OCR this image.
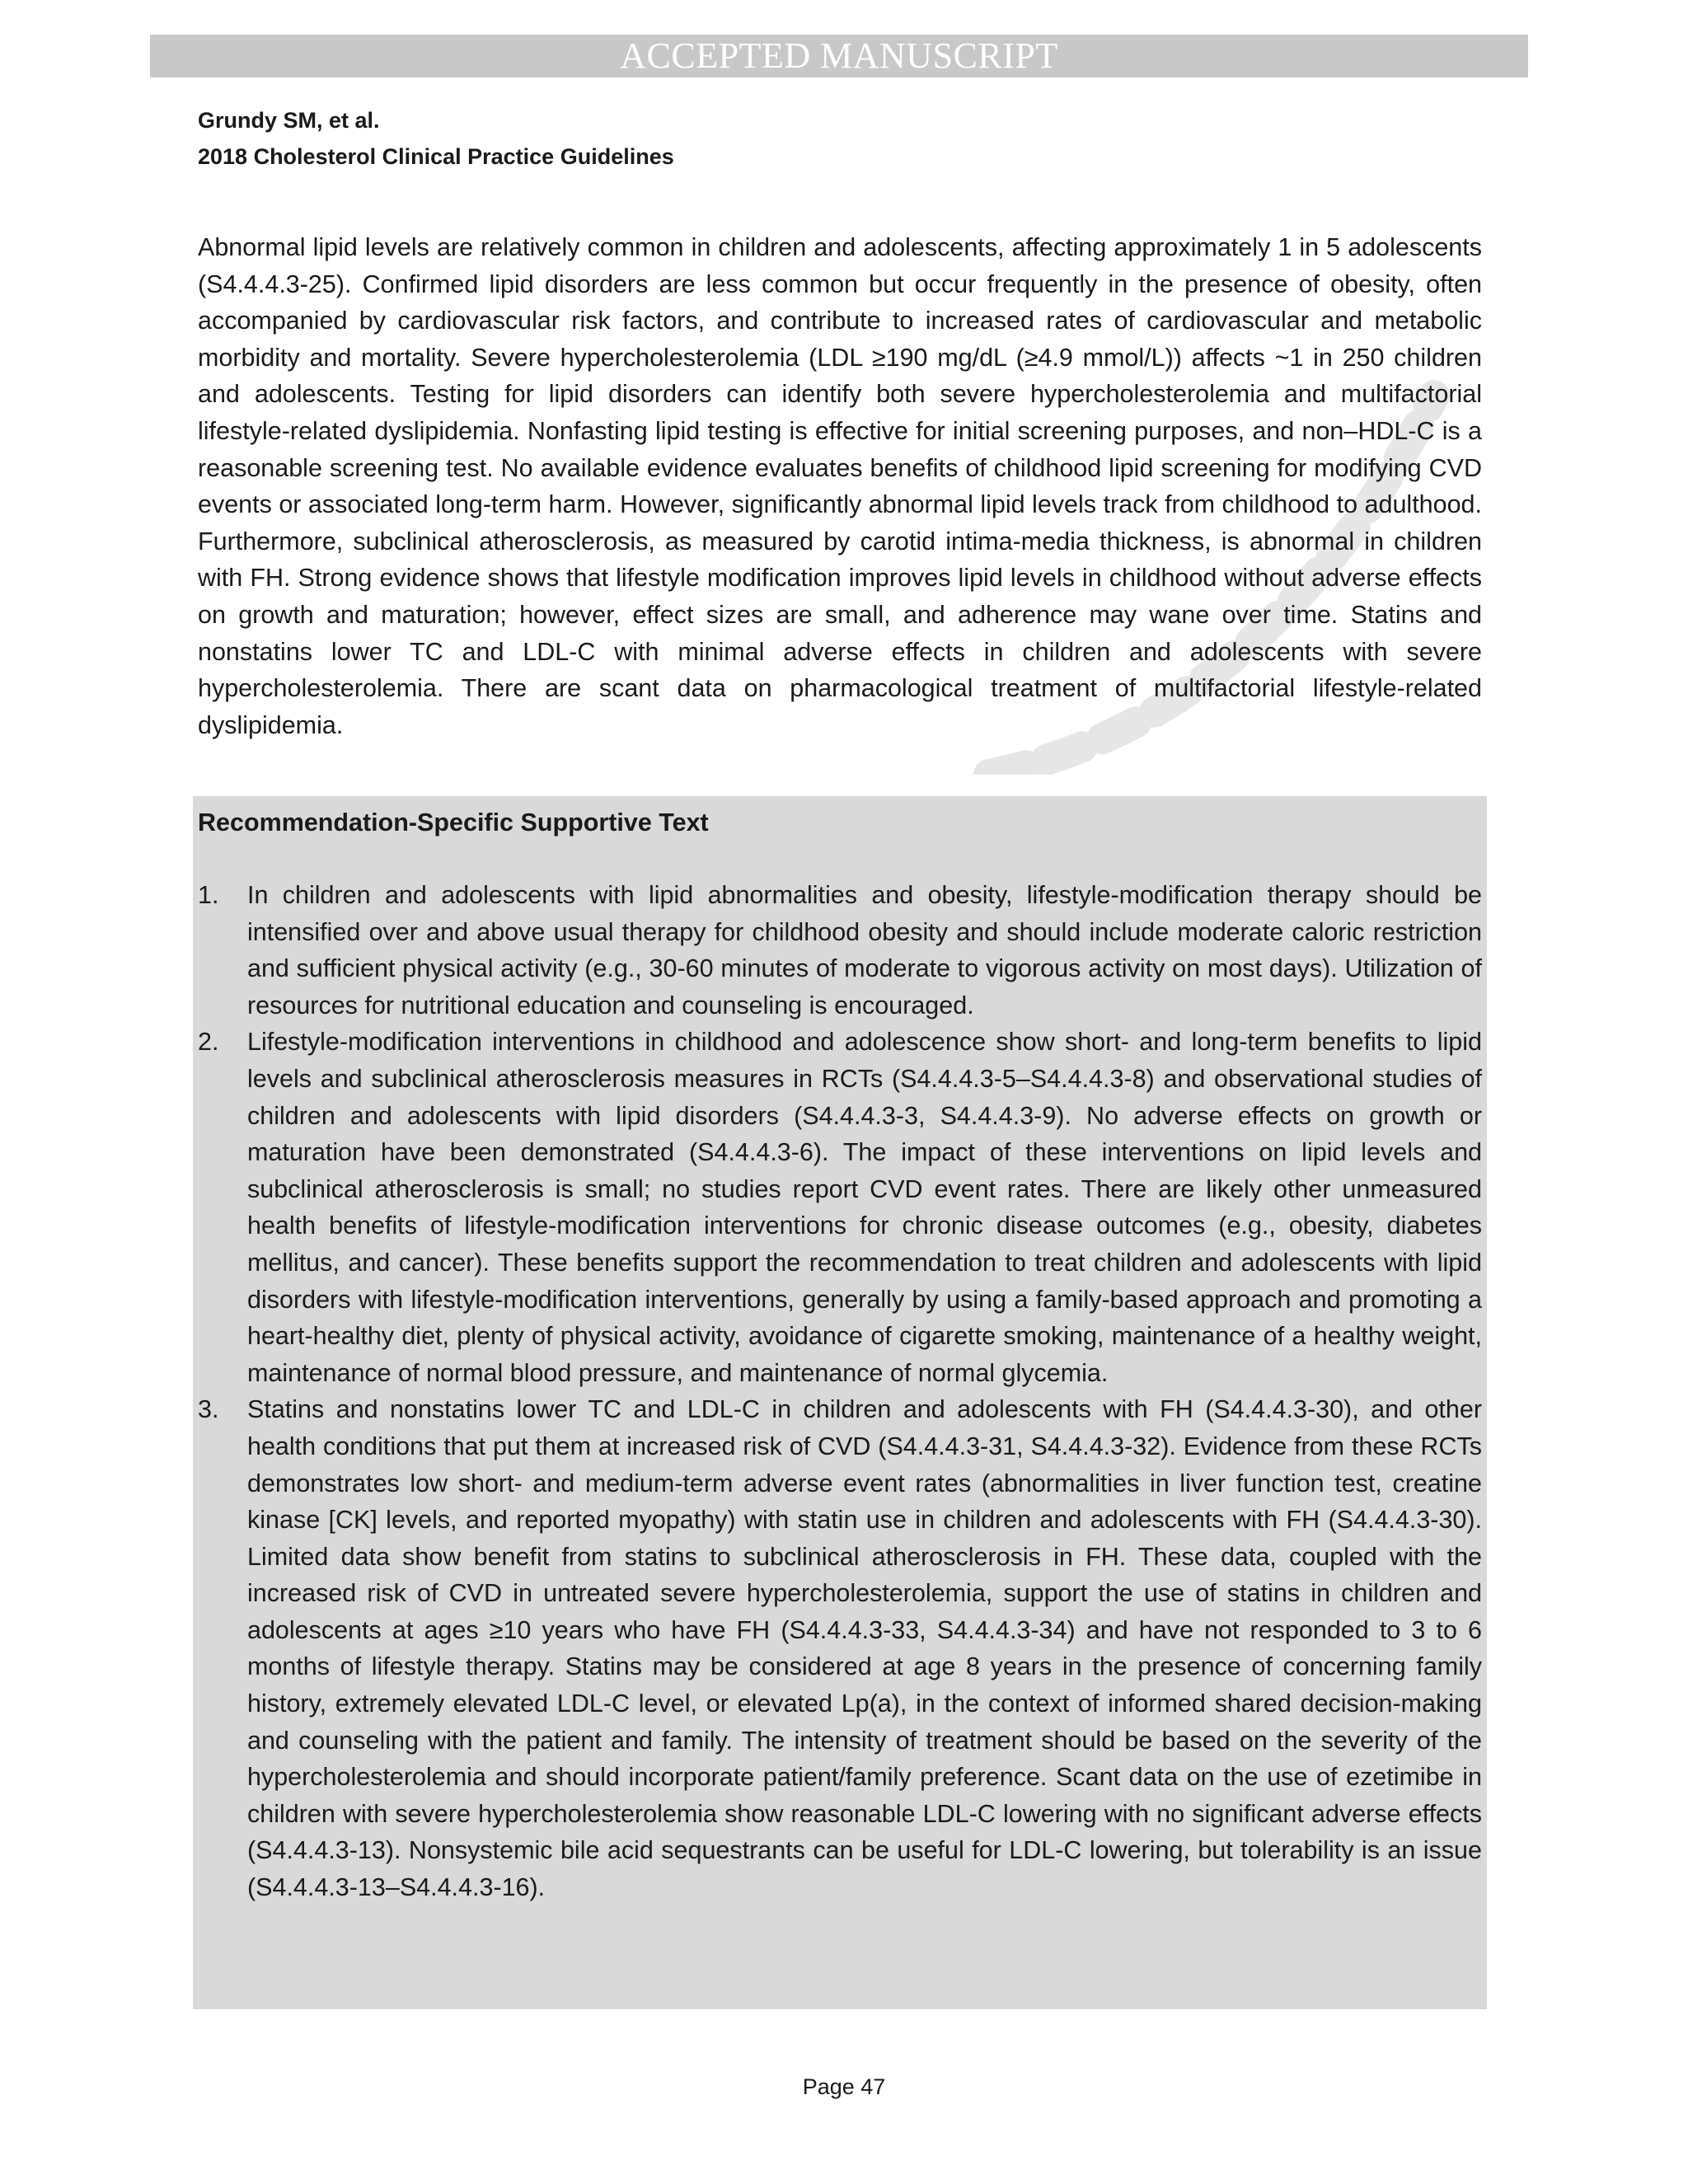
ACCEPTED MANUSCRIPT
Grundy SM, et al.
2018 Cholesterol Clinical Practice Guidelines

Abnormal lipid levels are relatively common in children and adolescents, affecting approximately 1 in 5 adolescents (S4.4.4.3-25). Confirmed lipid disorders are less common but occur frequently in the presence of obesity, often accompanied by cardiovascular risk factors, and contribute to increased rates of cardiovascular and metabolic morbidity and mortality. Severe hypercholesterolemia (LDL ≥190 mg/dL (≥4.9 mmol/L)) affects ~1 in 250 children and adolescents. Testing for lipid disorders can identify both severe hypercholesterolemia and multifactorial lifestyle-related dyslipidemia. Nonfasting lipid testing is effective for initial screening purposes, and non–HDL-C is a reasonable screening test. No available evidence evaluates benefits of childhood lipid screening for modifying CVD events or associated long-term harm. However, significantly abnormal lipid levels track from childhood to adulthood. Furthermore, subclinical atherosclerosis, as measured by carotid intima-media thickness, is abnormal in children with FH. Strong evidence shows that lifestyle modification improves lipid levels in childhood without adverse effects on growth and maturation; however, effect sizes are small, and adherence may wane over time. Statins and nonstatins lower TC and LDL-C with minimal adverse effects in children and adolescents with severe hypercholesterolemia. There are scant data on pharmacological treatment of multifactorial lifestyle-related dyslipidemia.

Recommendation-Specific Supportive Text
1. In children and adolescents with lipid abnormalities and obesity, lifestyle-modification therapy should be intensified over and above usual therapy for childhood obesity and should include moderate caloric restriction and sufficient physical activity (e.g., 30-60 minutes of moderate to vigorous activity on most days). Utilization of resources for nutritional education and counseling is encouraged.
2. Lifestyle-modification interventions in childhood and adolescence show short- and long-term benefits to lipid levels and subclinical atherosclerosis measures in RCTs (S4.4.4.3-5–S4.4.4.3-8) and observational studies of children and adolescents with lipid disorders (S4.4.4.3-3, S4.4.4.3-9). No adverse effects on growth or maturation have been demonstrated (S4.4.4.3-6). The impact of these interventions on lipid levels and subclinical atherosclerosis is small; no studies report CVD event rates. There are likely other unmeasured health benefits of lifestyle-modification interventions for chronic disease outcomes (e.g., obesity, diabetes mellitus, and cancer). These benefits support the recommendation to treat children and adolescents with lipid disorders with lifestyle-modification interventions, generally by using a family-based approach and promoting a heart-healthy diet, plenty of physical activity, avoidance of cigarette smoking, maintenance of a healthy weight, maintenance of normal blood pressure, and maintenance of normal glycemia.
3. Statins and nonstatins lower TC and LDL-C in children and adolescents with FH (S4.4.4.3-30), and other health conditions that put them at increased risk of CVD (S4.4.4.3-31, S4.4.4.3-32). Evidence from these RCTs demonstrates low short- and medium-term adverse event rates (abnormalities in liver function test, creatine kinase [CK] levels, and reported myopathy) with statin use in children and adolescents with FH (S4.4.4.3-30). Limited data show benefit from statins to subclinical atherosclerosis in FH. These data, coupled with the increased risk of CVD in untreated severe hypercholesterolemia, support the use of statins in children and adolescents at ages ≥10 years who have FH (S4.4.4.3-33, S4.4.4.3-34) and have not responded to 3 to 6 months of lifestyle therapy. Statins may be considered at age 8 years in the presence of concerning family history, extremely elevated LDL-C level, or elevated Lp(a), in the context of informed shared decision-making and counseling with the patient and family. The intensity of treatment should be based on the severity of the hypercholesterolemia and should incorporate patient/family preference. Scant data on the use of ezetimibe in children with severe hypercholesterolemia show reasonable LDL-C lowering with no significant adverse effects (S4.4.4.3-13). Nonsystemic bile acid sequestrants can be useful for LDL-C lowering, but tolerability is an issue (S4.4.4.3-13–S4.4.4.3-16).
Page 47
